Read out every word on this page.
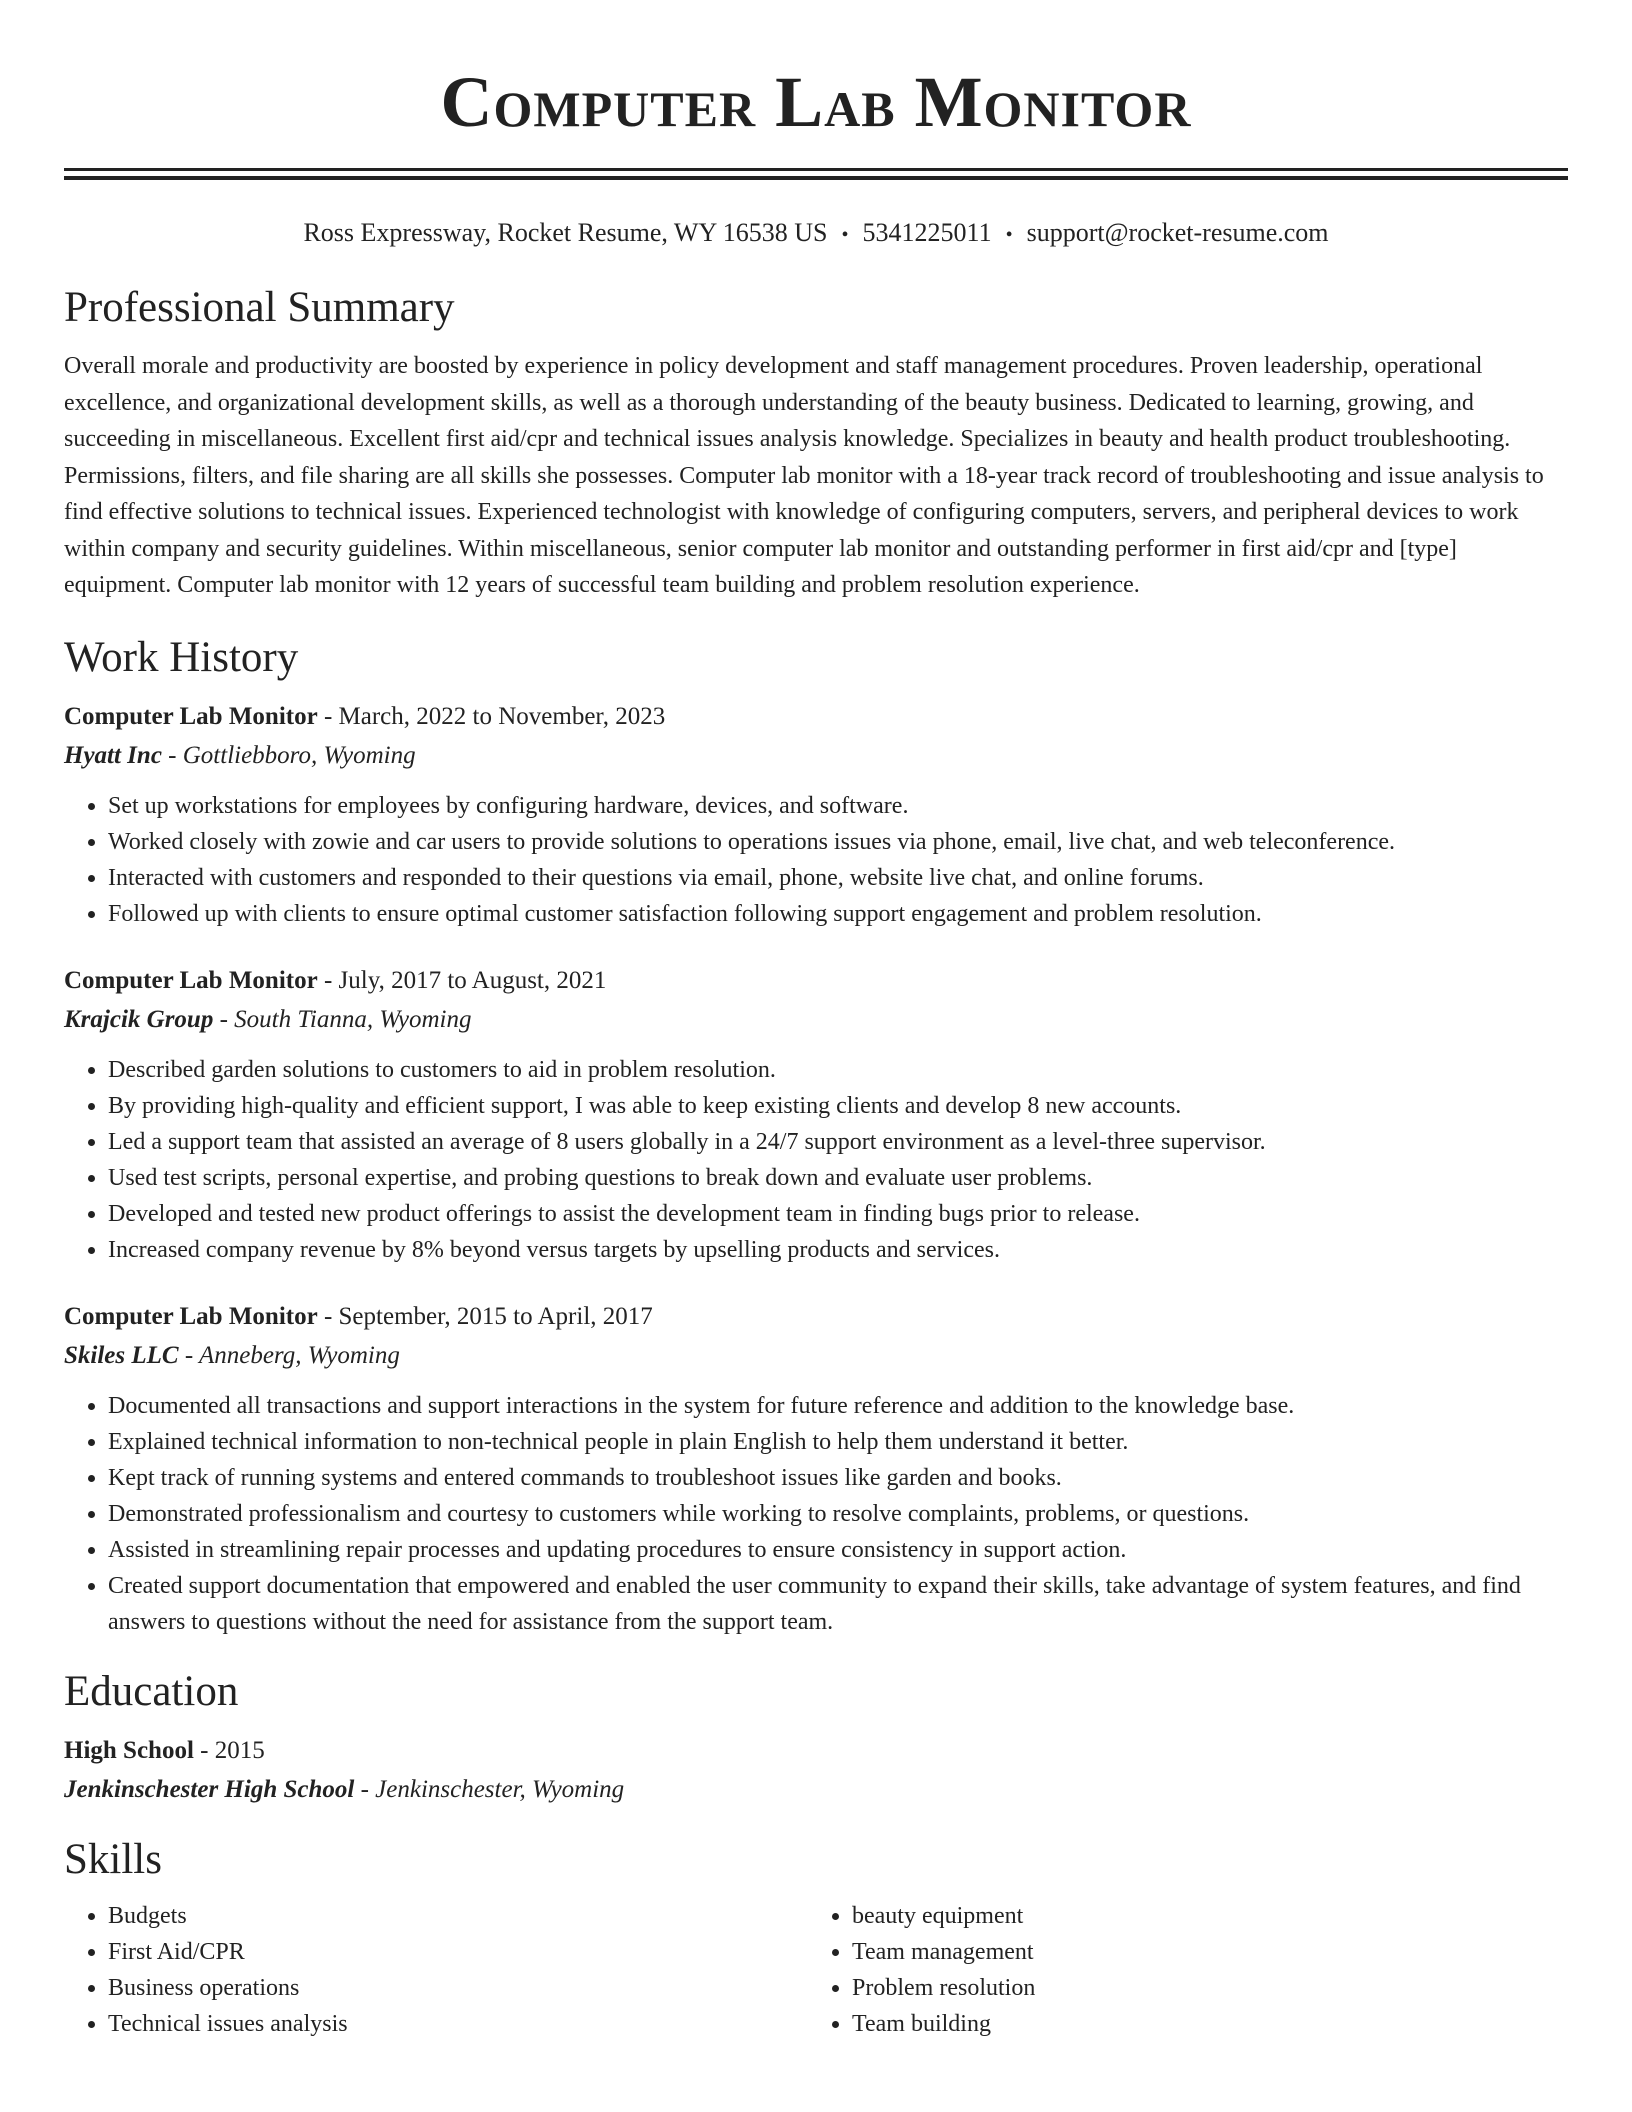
Computer Lab Monitor
Ross Expressway, Rocket Resume, WY 16538 US • 5341225011 • support@rocket-resume.com
Professional Summary

Overall morale and productivity are boosted by experience in policy development and staff management procedures. Proven leadership, operational excellence, and organizational development skills, as well as a thorough understanding of the beauty business. Dedicated to learning, growing, and succeeding in miscellaneous. Excellent first aid/cpr and technical issues analysis knowledge. Specializes in beauty and health product troubleshooting. Permissions, filters, and file sharing are all skills she possesses. Computer lab monitor with a 18-year track record of troubleshooting and issue analysis to find effective solutions to technical issues. Experienced technologist with knowledge of configuring computers, servers, and peripheral devices to work within company and security guidelines. Within miscellaneous, senior computer lab monitor and outstanding performer in first aid/cpr and [type] equipment. Computer lab monitor with 12 years of successful team building and problem resolution experience.

Work History
Computer Lab Monitor - March, 2022 to November, 2023
Hyatt Inc - Gottliebboro, Wyoming
• Set up workstations for employees by configuring hardware, devices, and software.
• Worked closely with zowie and car users to provide solutions to operations issues via phone, email, live chat, and web teleconference.
• Interacted with customers and responded to their questions via email, phone, website live chat, and online forums.
• Followed up with clients to ensure optimal customer satisfaction following support engagement and problem resolution.
Computer Lab Monitor - July, 2017 to August, 2021
Krajcik Group - South Tianna, Wyoming
• Described garden solutions to customers to aid in problem resolution.
• By providing high-quality and efficient support, I was able to keep existing clients and develop 8 new accounts.
• Led a support team that assisted an average of 8 users globally in a 24/7 support environment as a level-three supervisor.
• Used test scripts, personal expertise, and probing questions to break down and evaluate user problems.
• Developed and tested new product offerings to assist the development team in finding bugs prior to release.
• Increased company revenue by 8% beyond versus targets by upselling products and services.
Computer Lab Monitor - September, 2015 to April, 2017
Skiles LLC - Anneberg, Wyoming
• Documented all transactions and support interactions in the system for future reference and addition to the knowledge base.
• Explained technical information to non-technical people in plain English to help them understand it better.
• Kept track of running systems and entered commands to troubleshoot issues like garden and books.
• Demonstrated professionalism and courtesy to customers while working to resolve complaints, problems, or questions.
• Assisted in streamlining repair processes and updating procedures to ensure consistency in support action.
• Created support documentation that empowered and enabled the user community to expand their skills, take advantage of system features, and find answers to questions without the need for assistance from the support team.
Education
High School - 2015
Jenkinschester High School - Jenkinschester, Wyoming
Skills
• Budgets
• First Aid/CPR
• Business operations
• Technical issues analysis
• beauty equipment
• Team management
• Problem resolution
• Team building
